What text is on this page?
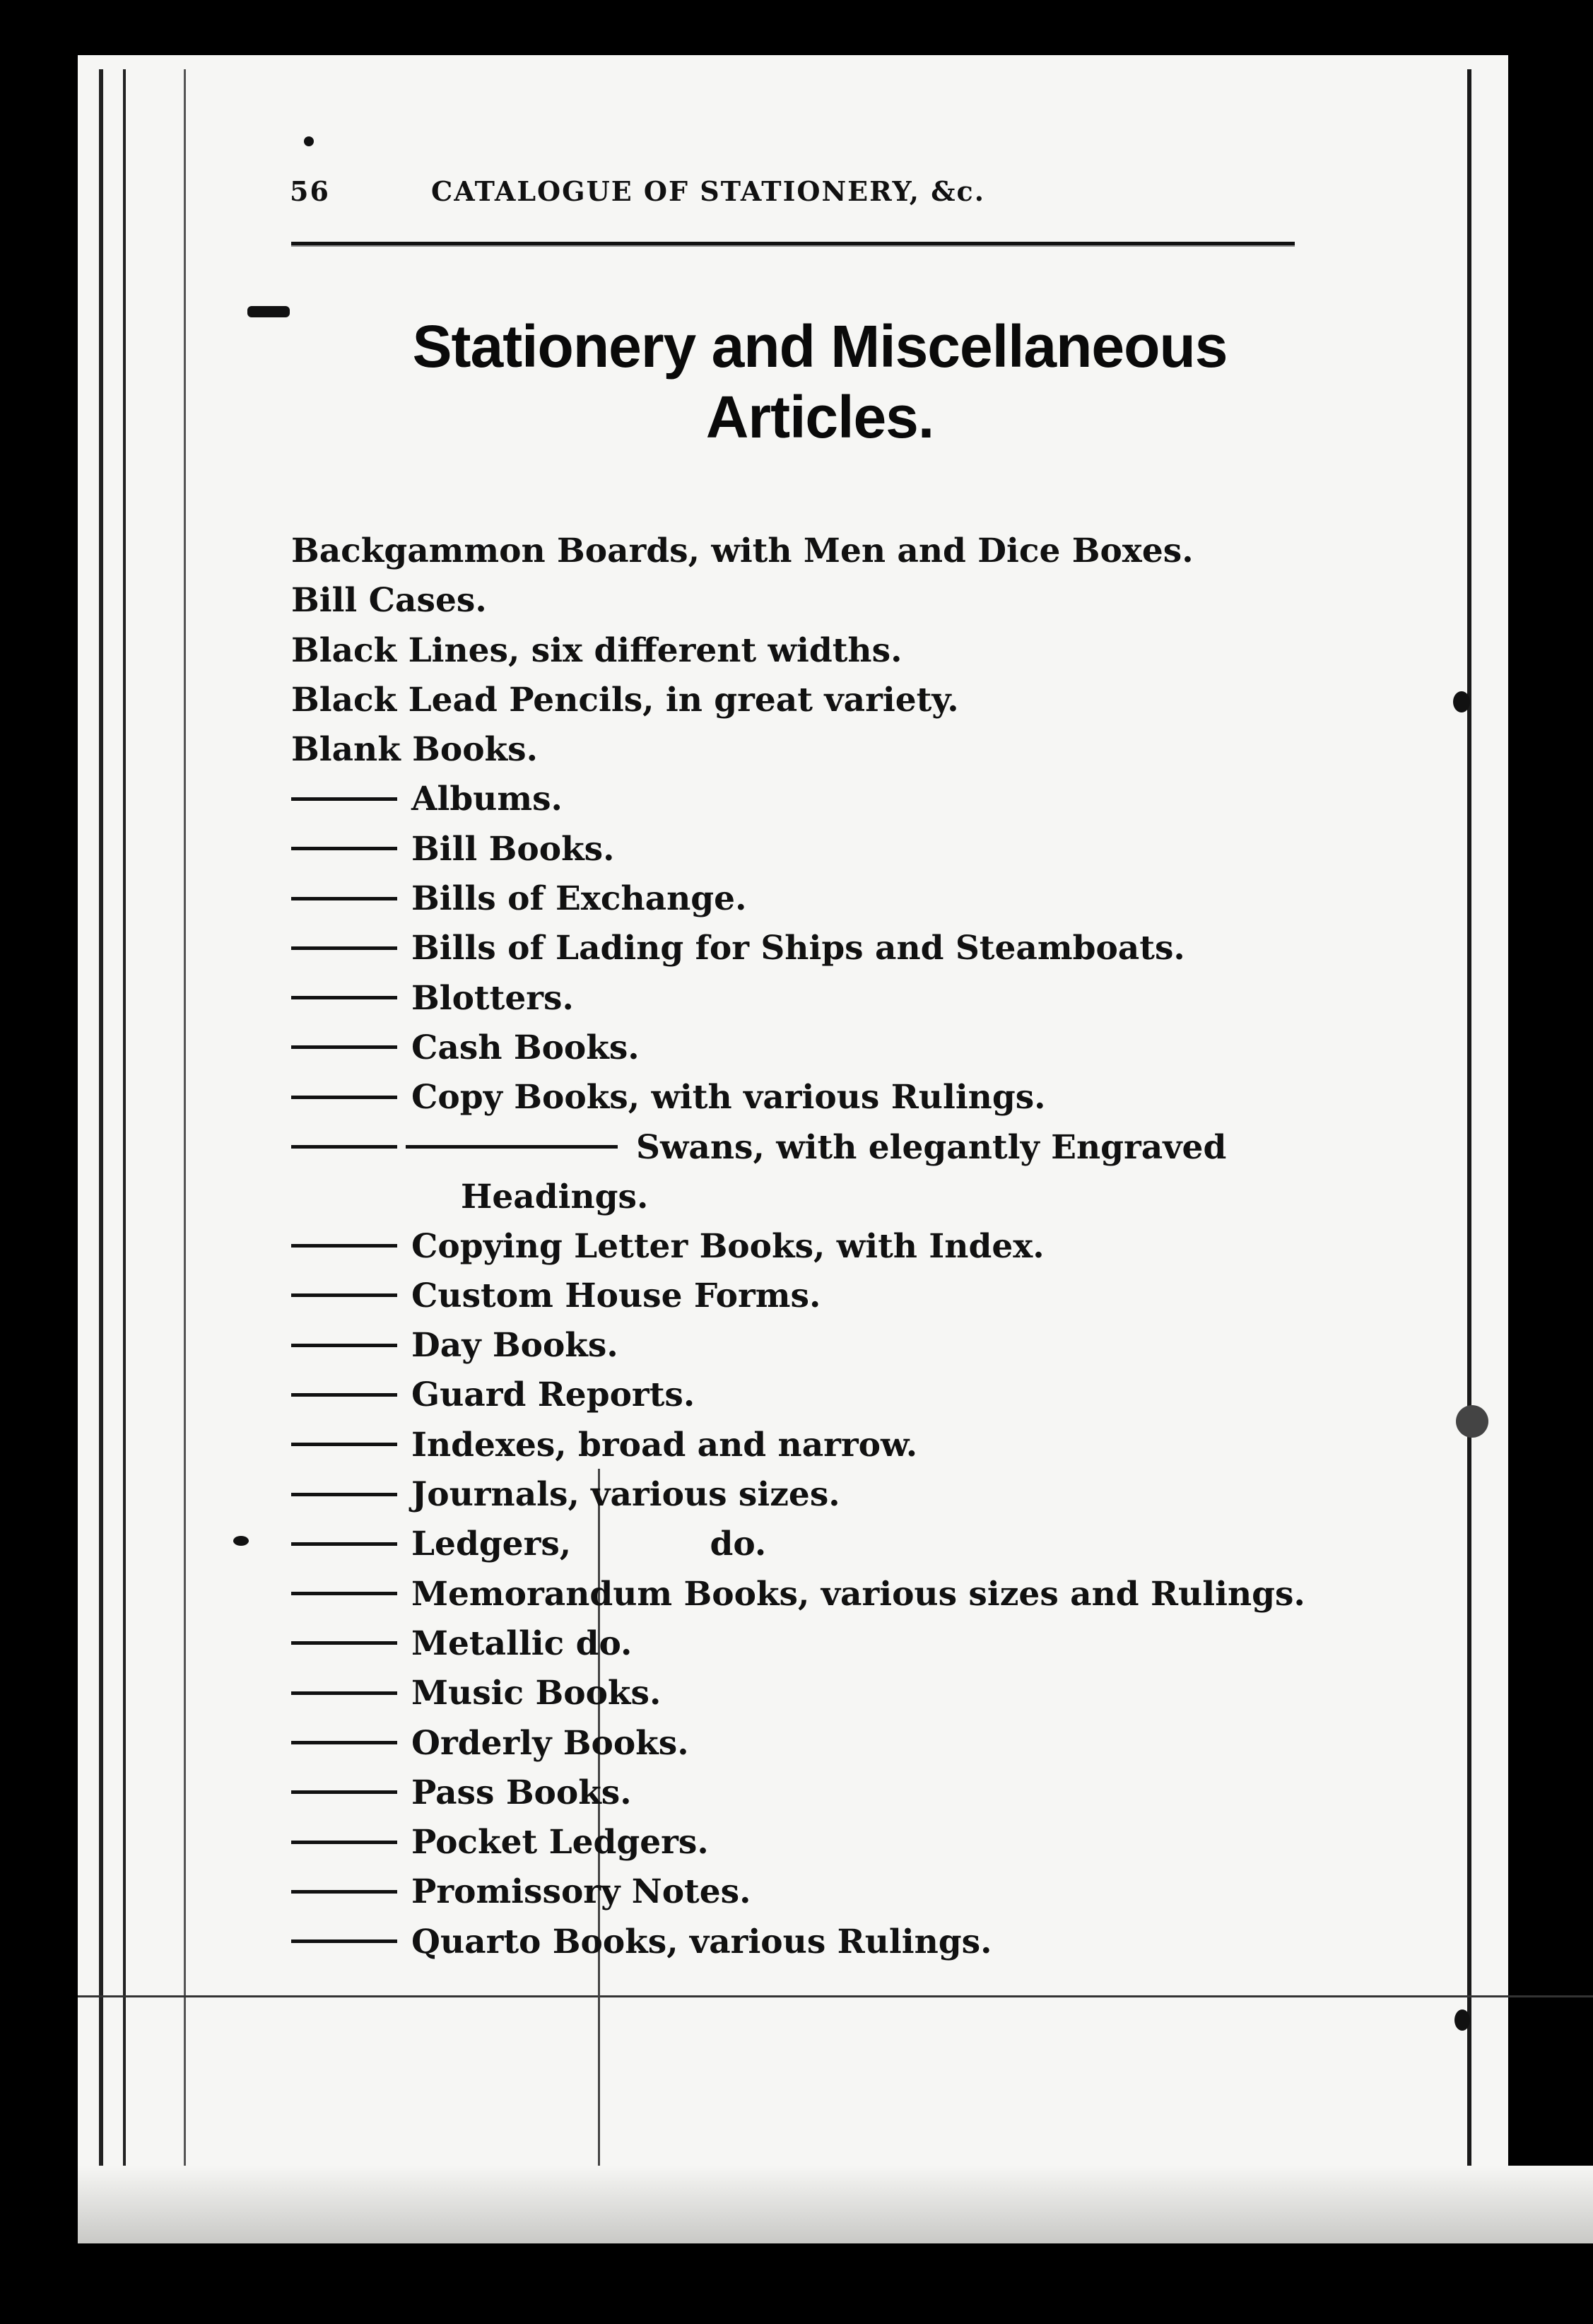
56	CATALOGUE OF STATIONERY, &c.
Stationery and Miscellaneous
Articles.
Backgammon Boards, with Men and Dice Boxes.
Bill Cases.
Black Lines, six different widths.
Black Lead Pencils, in great variety.
Blank Books.
Albums.
Bill Books.
Bills of Exchange.
Bills of Lading for Ships and Steamboats.
Blotters.
Cash Books.
Copy Books, with various Rulings.
Swans, with elegantly Engraved
Headings.
Copying Letter Books, with Index.
Custom House Forms.
Day Books.
Guard Reports.
Indexes, broad and narrow.
Journals, various sizes.
Ledgers,            do.
Memorandum Books, various sizes and Rulings.
Metallic do.
Music Books.
Orderly Books.
Pass Books.
Pocket Ledgers.
Promissory Notes.
Quarto Books, various Rulings.
